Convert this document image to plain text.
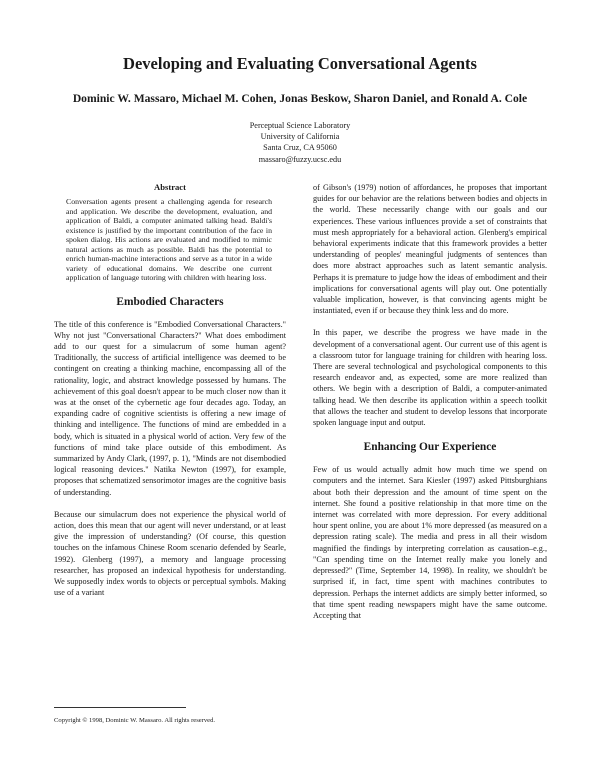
Developing and Evaluating Conversational Agents
Dominic W. Massaro, Michael M. Cohen, Jonas Beskow, Sharon Daniel, and Ronald A. Cole
Perceptual Science Laboratory
University of California
Santa Cruz, CA 95060
massaro@fuzzy.ucsc.edu
Abstract

Conversation agents present a challenging agenda for research and application. We describe the development, evaluation, and application of Baldi, a computer animated talking head. Baldi's existence is justified by the important contribution of the face in spoken dialog. His actions are evaluated and modified to mimic natural actions as much as possible. Baldi has the potential to enrich human-machine interactions and serve as a tutor in a wide variety of educational domains. We describe one current application of language tutoring with children with hearing loss.

Embodied Characters

The title of this conference is "Embodied Conversational Characters." Why not just "Conversational Characters?" What does embodiment add to our quest for a simulacrum of some human agent? Traditionally, the success of artificial intelligence was deemed to be contingent on creating a thinking machine, encompassing all of the rationality, logic, and abstract knowledge possessed by humans. The achievement of this goal doesn't appear to be much closer now than it was at the onset of the cybernetic age four decades ago. Today, an expanding cadre of cognitive scientists is offering a new image of thinking and intelligence. The functions of mind are embedded in a body, which is situated in a physical world of action. Very few of the functions of mind take place outside of this embodiment. As summarized by Andy Clark, (1997, p. 1), "Minds are not disembodied logical reasoning devices." Natika Newton (1997), for example, proposes that schematized sensorimotor images are the cognitive basis of understanding.

Because our simulacrum does not experience the physical world of action, does this mean that our agent will never understand, or at least give the impression of understanding? (Of course, this question touches on the infamous Chinese Room scenario defended by Searle, 1992). Glenberg (1997), a memory and language processing researcher, has proposed an indexical hypothesis for understanding. We supposedly index words to objects or perceptual symbols. Making use of a variant

of Gibson's (1979) notion of affordances, he proposes that important guides for our behavior are the relations between bodies and objects in the world. These necessarily change with our goals and our experiences. These various influences provide a set of constraints that must mesh appropriately for a behavioral action. Glenberg's empirical behavioral experiments indicate that this framework provides a better understanding of peoples' meaningful judgments of sentences than does more abstract approaches such as latent semantic analysis. Perhaps it is premature to judge how the ideas of embodiment and their implications for conversational agents will play out. One potentially valuable implication, however, is that convincing agents might be instantiated, even if or because they think less and do more.

In this paper, we describe the progress we have made in the development of a conversational agent. Our current use of this agent is a classroom tutor for language training for children with hearing loss. There are several technological and psychological components to this research endeavor and, as expected, some are more realized than others. We begin with a description of Baldi, a computer-animated talking head. We then describe its application within a speech toolkit that allows the teacher and student to develop lessons that incorporate spoken language input and output.

Enhancing Our Experience

Few of us would actually admit how much time we spend on computers and the internet. Sara Kiesler (1997) asked Pittsburghians about both their depression and the amount of time spent on the internet. She found a positive relationship in that more time on the internet was correlated with more depression. For every additional hour spent online, you are about 1% more depressed (as measured on a depression rating scale). The media and press in all their wisdom magnified the findings by interpreting correlation as causation–e.g., "Can spending time on the Internet really make you lonely and depressed?" (Time, September 14, 1998). In reality, we shouldn't be surprised if, in fact, time spent with machines contributes to depression. Perhaps the internet addicts are simply better informed, so that time spent reading newspapers might have the same outcome. Accepting that

Copyright © 1998, Dominic W. Massaro. All rights reserved.
